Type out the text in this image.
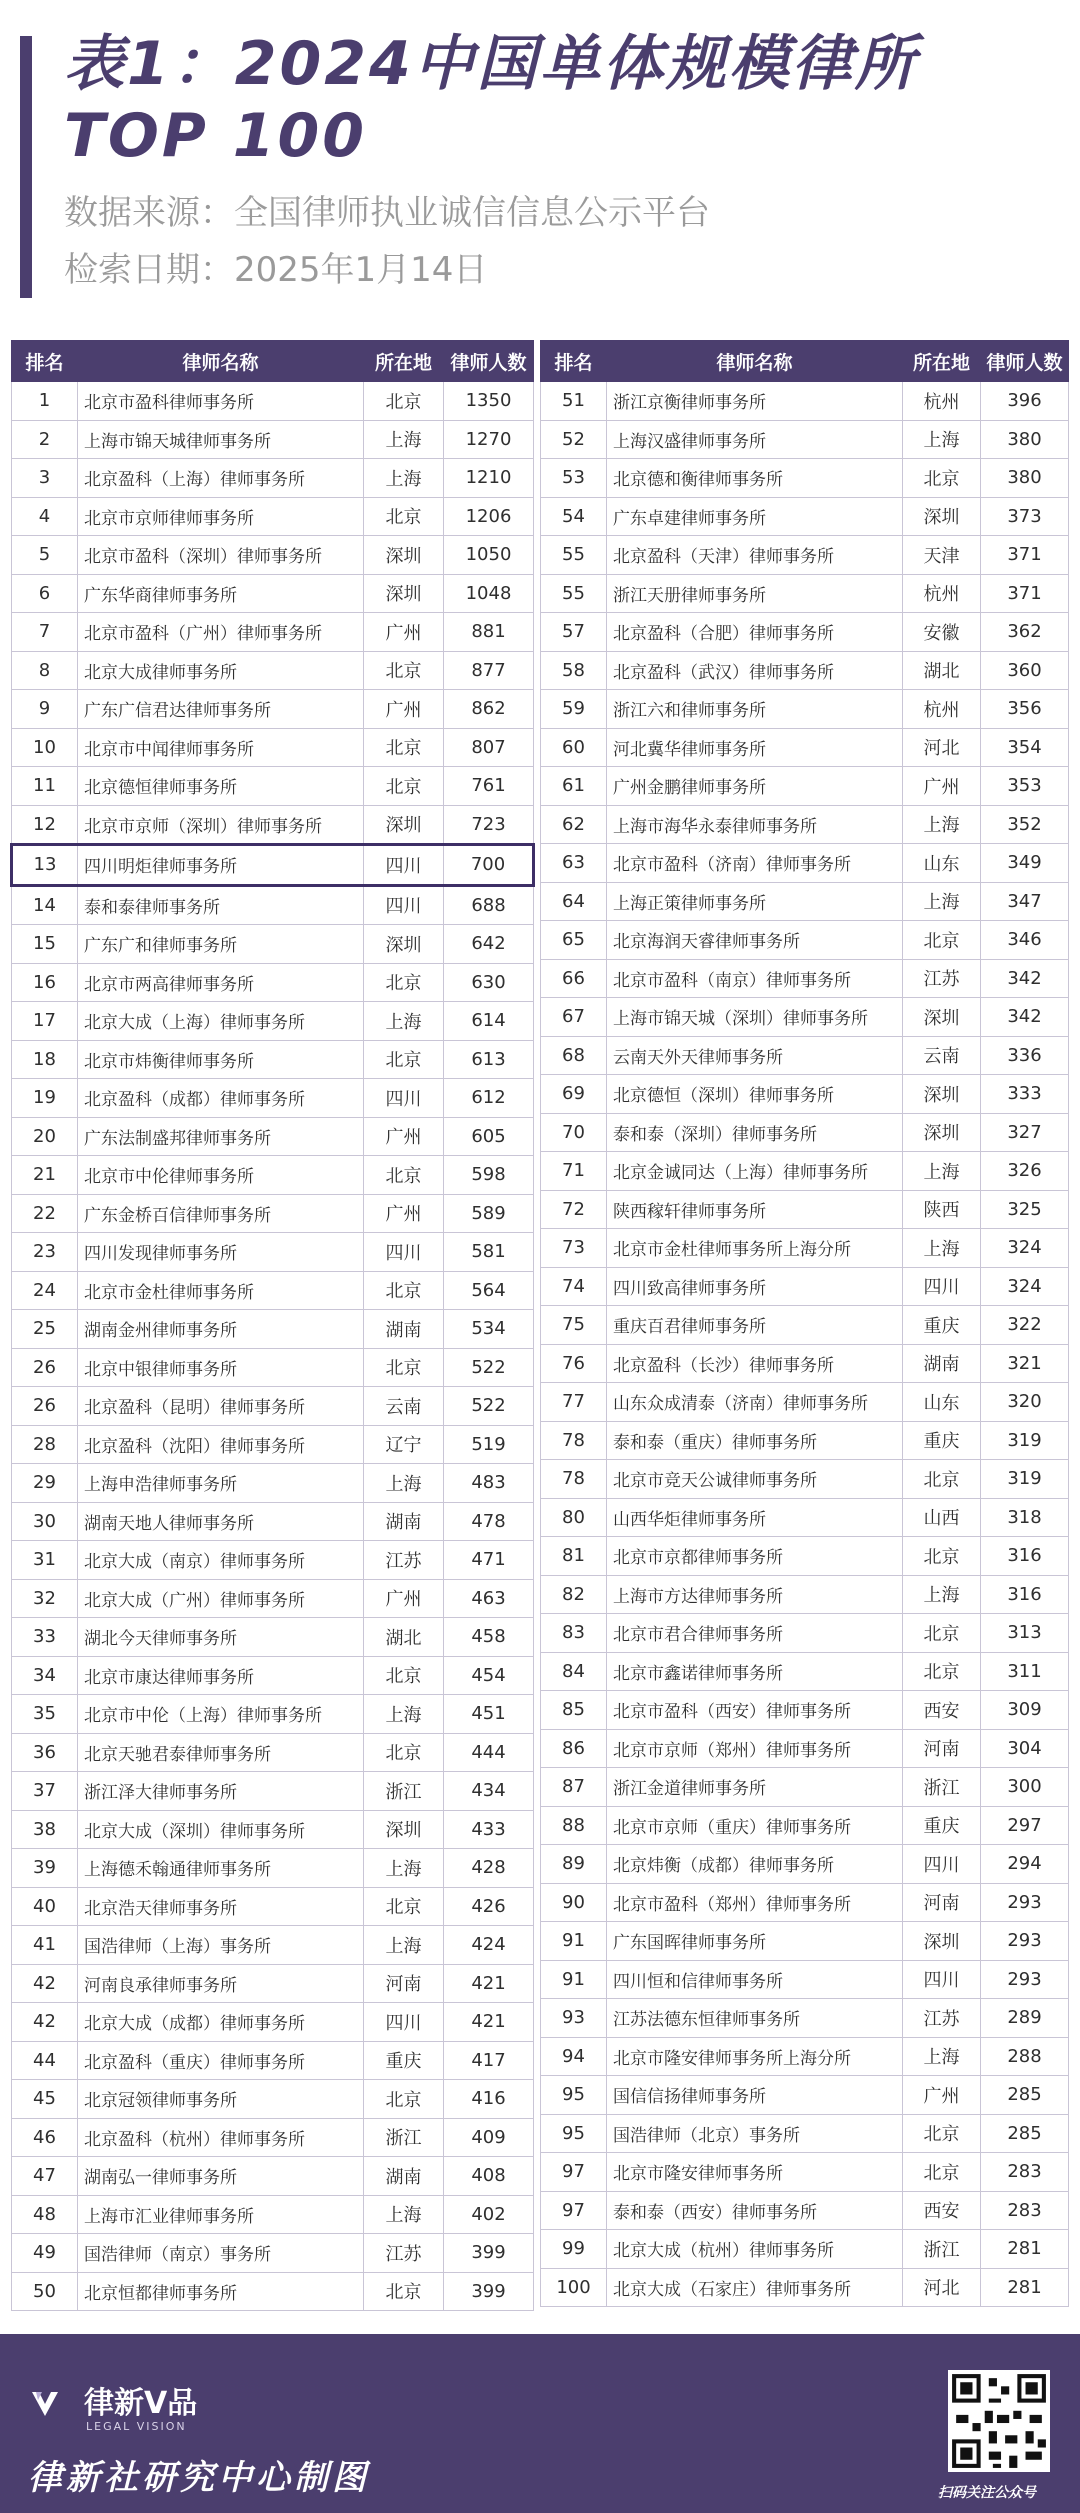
表1：2024中国单体规模律所TOP 100

数据来源：全国律师执业诚信信息公示平台

检索日期：2025年1月14日

排名	律师名称	所在地	律师人数
1	北京市盈科律师事务所	北京	1350
2	上海市锦天城律师事务所	上海	1270
3	北京盈科（上海）律师事务所	上海	1210
4	北京市京师律师事务所	北京	1206
5	北京市盈科（深圳）律师事务所	深圳	1050
6	广东华商律师事务所	深圳	1048
7	北京市盈科（广州）律师事务所	广州	881
8	北京大成律师事务所	北京	877
9	广东广信君达律师事务所	广州	862
10	北京市中闻律师事务所	北京	807
11	北京德恒律师事务所	北京	761
12	北京市京师（深圳）律师事务所	深圳	723
13	四川明炬律师事务所	四川	700
14	泰和泰律师事务所	四川	688
15	广东广和律师事务所	深圳	642
16	北京市两高律师事务所	北京	630
17	北京大成（上海）律师事务所	上海	614
18	北京市炜衡律师事务所	北京	613
19	北京盈科（成都）律师事务所	四川	612
20	广东法制盛邦律师事务所	广州	605
21	北京市中伦律师事务所	北京	598
22	广东金桥百信律师事务所	广州	589
23	四川发现律师事务所	四川	581
24	北京市金杜律师事务所	北京	564
25	湖南金州律师事务所	湖南	534
26	北京中银律师事务所	北京	522
26	北京盈科（昆明）律师事务所	云南	522
28	北京盈科（沈阳）律师事务所	辽宁	519
29	上海申浩律师事务所	上海	483
30	湖南天地人律师事务所	湖南	478
31	北京大成（南京）律师事务所	江苏	471
32	北京大成（广州）律师事务所	广州	463
33	湖北今天律师事务所	湖北	458
34	北京市康达律师事务所	北京	454
35	北京市中伦（上海）律师事务所	上海	451
36	北京天驰君泰律师事务所	北京	444
37	浙江泽大律师事务所	浙江	434
38	北京大成（深圳）律师事务所	深圳	433
39	上海德禾翰通律师事务所	上海	428
40	北京浩天律师事务所	北京	426
41	国浩律师（上海）事务所	上海	424
42	河南良承律师事务所	河南	421
42	北京大成（成都）律师事务所	四川	421
44	北京盈科（重庆）律师事务所	重庆	417
45	北京冠领律师事务所	北京	416
46	北京盈科（杭州）律师事务所	浙江	409
47	湖南弘一律师事务所	湖南	408
48	上海市汇业律师事务所	上海	402
49	国浩律师（南京）事务所	江苏	399
50	北京恒都律师事务所	北京	399
排名	律师名称	所在地	律师人数
51	浙江京衡律师事务所	杭州	396
52	上海汉盛律师事务所	上海	380
53	北京德和衡律师事务所	北京	380
54	广东卓建律师事务所	深圳	373
55	北京盈科（天津）律师事务所	天津	371
55	浙江天册律师事务所	杭州	371
57	北京盈科（合肥）律师事务所	安徽	362
58	北京盈科（武汉）律师事务所	湖北	360
59	浙江六和律师事务所	杭州	356
60	河北冀华律师事务所	河北	354
61	广州金鹏律师事务所	广州	353
62	上海市海华永泰律师事务所	上海	352
63	北京市盈科（济南）律师事务所	山东	349
64	上海正策律师事务所	上海	347
65	北京海润天睿律师事务所	北京	346
66	北京市盈科（南京）律师事务所	江苏	342
67	上海市锦天城（深圳）律师事务所	深圳	342
68	云南天外天律师事务所	云南	336
69	北京德恒（深圳）律师事务所	深圳	333
70	泰和泰（深圳）律师事务所	深圳	327
71	北京金诚同达（上海）律师事务所	上海	326
72	陕西稼轩律师事务所	陕西	325
73	北京市金杜律师事务所上海分所	上海	324
74	四川致高律师事务所	四川	324
75	重庆百君律师事务所	重庆	322
76	北京盈科（长沙）律师事务所	湖南	321
77	山东众成清泰（济南）律师事务所	山东	320
78	泰和泰（重庆）律师事务所	重庆	319
78	北京市竞天公诚律师事务所	北京	319
80	山西华炬律师事务所	山西	318
81	北京市京都律师事务所	北京	316
82	上海市方达律师事务所	上海	316
83	北京市君合律师事务所	北京	313
84	北京市鑫诺律师事务所	北京	311
85	北京市盈科（西安）律师事务所	西安	309
86	北京市京师（郑州）律师事务所	河南	304
87	浙江金道律师事务所	浙江	300
88	北京市京师（重庆）律师事务所	重庆	297
89	北京炜衡（成都）律师事务所	四川	294
90	北京市盈科（郑州）律师事务所	河南	293
91	广东国晖律师事务所	深圳	293
91	四川恒和信律师事务所	四川	293
93	江苏法德东恒律师事务所	江苏	289
94	北京市隆安律师事务所上海分所	上海	288
95	国信信扬律师事务所	广州	285
95	国浩律师（北京）事务所	北京	285
97	北京市隆安律师事务所	北京	283
97	泰和泰（西安）律师事务所	西安	283
99	北京大成（杭州）律师事务所	浙江	281
100	北京大成（石家庄）律师事务所	河北	281
律新V品
LEGAL VISION
律新社研究中心制图	扫码关注公众号
